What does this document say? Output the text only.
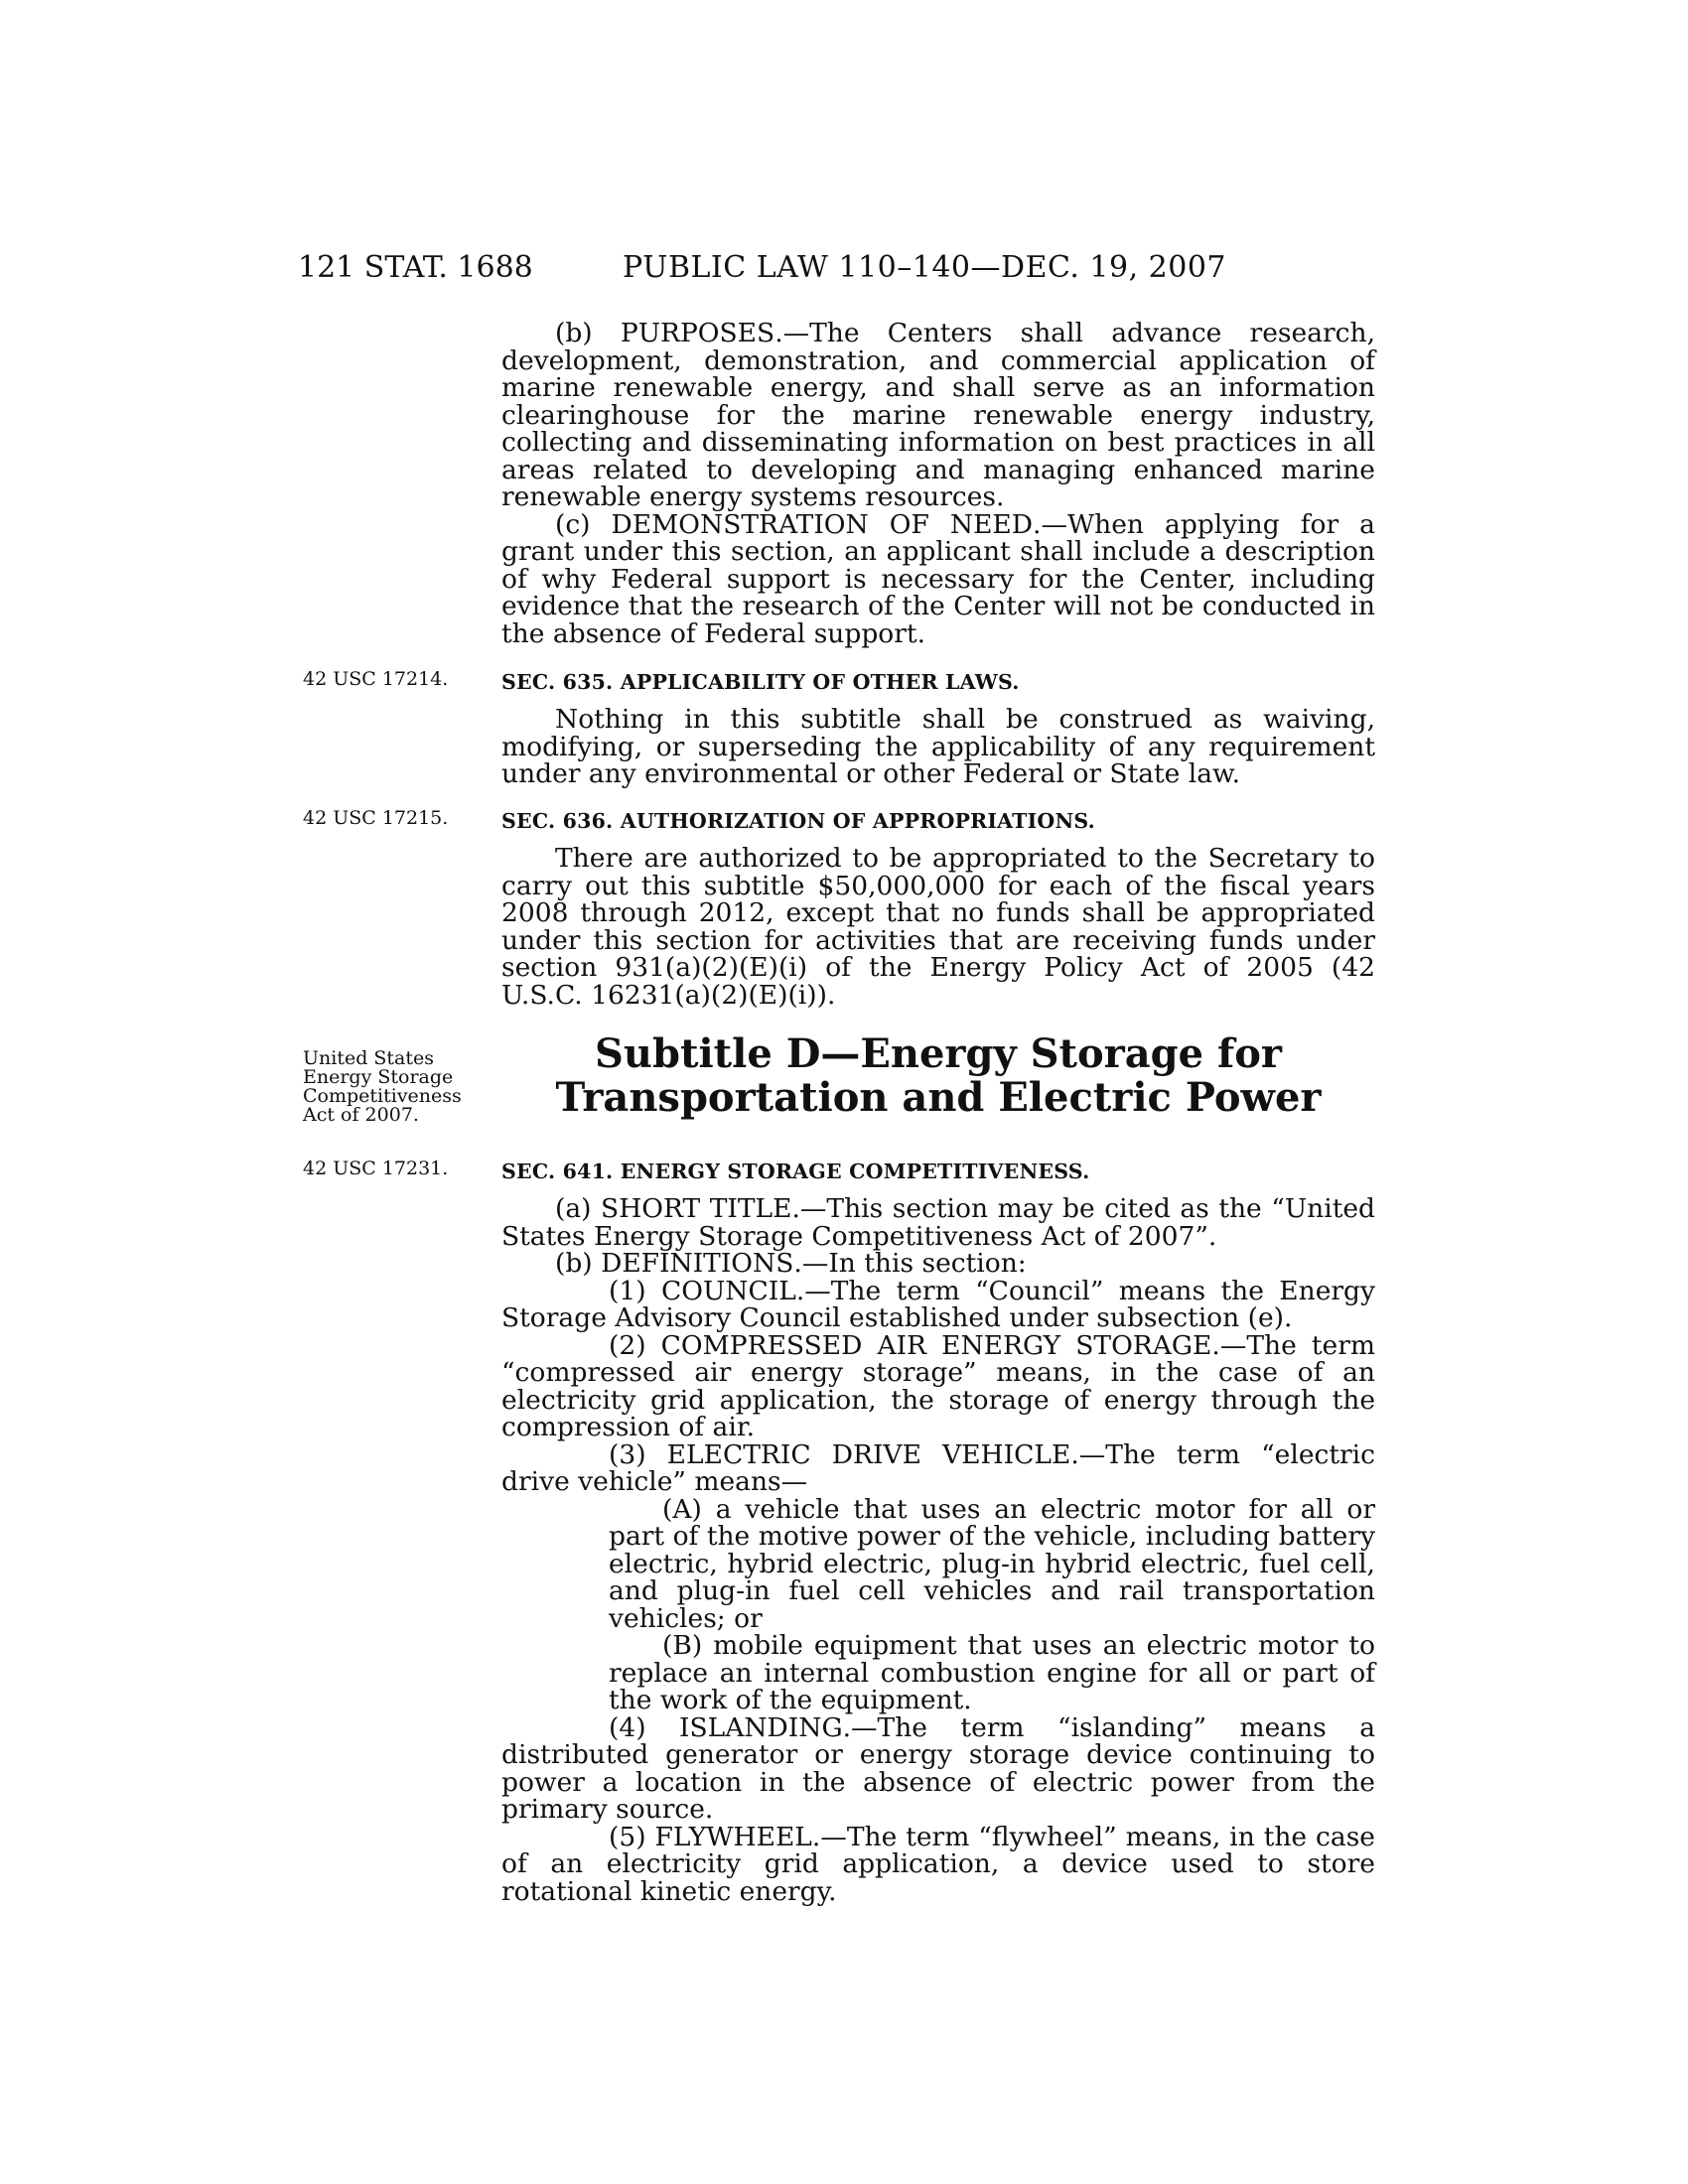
121 STAT. 1688	PUBLIC LAW 110–140—DEC. 19, 2007

(b) PURPOSES.—The Centers shall advance research, development, demonstration, and commercial application of marine renewable energy, and shall serve as an information clearinghouse for the marine renewable energy industry, collecting and disseminating information on best practices in all areas related to developing and managing enhanced marine renewable energy systems resources.

(c) DEMONSTRATION OF NEED.—When applying for a grant under this section, an applicant shall include a description of why Federal support is necessary for the Center, including evidence that the research of the Center will not be conducted in the absence of Federal support.

42 USC 17214.	SEC. 635. APPLICABILITY OF OTHER LAWS.

Nothing in this subtitle shall be construed as waiving, modifying, or superseding the applicability of any requirement under any environmental or other Federal or State law.

42 USC 17215.	SEC. 636. AUTHORIZATION OF APPROPRIATIONS.

There are authorized to be appropriated to the Secretary to carry out this subtitle $50,000,000 for each of the fiscal years 2008 through 2012, except that no funds shall be appropriated under this section for activities that are receiving funds under section 931(a)(2)(E)(i) of the Energy Policy Act of 2005 (42 U.S.C. 16231(a)(2)(E)(i)).

United States Energy Storage Competitiveness Act of 2007.
Subtitle D—Energy Storage for
Transportation and Electric Power
42 USC 17231.	SEC. 641. ENERGY STORAGE COMPETITIVENESS.

(a) SHORT TITLE.—This section may be cited as the “United States Energy Storage Competitiveness Act of 2007”.

(b) DEFINITIONS.—In this section:

(1) COUNCIL.—The term “Council” means the Energy Storage Advisory Council established under subsection (e).

(2) COMPRESSED AIR ENERGY STORAGE.—The term “compressed air energy storage” means, in the case of an electricity grid application, the storage of energy through the compression of air.

(3) ELECTRIC DRIVE VEHICLE.—The term “electric drive vehicle” means—

(A) a vehicle that uses an electric motor for all or part of the motive power of the vehicle, including battery electric, hybrid electric, plug-in hybrid electric, fuel cell, and plug-in fuel cell vehicles and rail transportation vehicles; or

(B) mobile equipment that uses an electric motor to replace an internal combustion engine for all or part of the work of the equipment.

(4) ISLANDING.—The term “islanding” means a distributed generator or energy storage device continuing to power a location in the absence of electric power from the primary source.

(5) FLYWHEEL.—The term “flywheel” means, in the case of an electricity grid application, a device used to store rotational kinetic energy.
